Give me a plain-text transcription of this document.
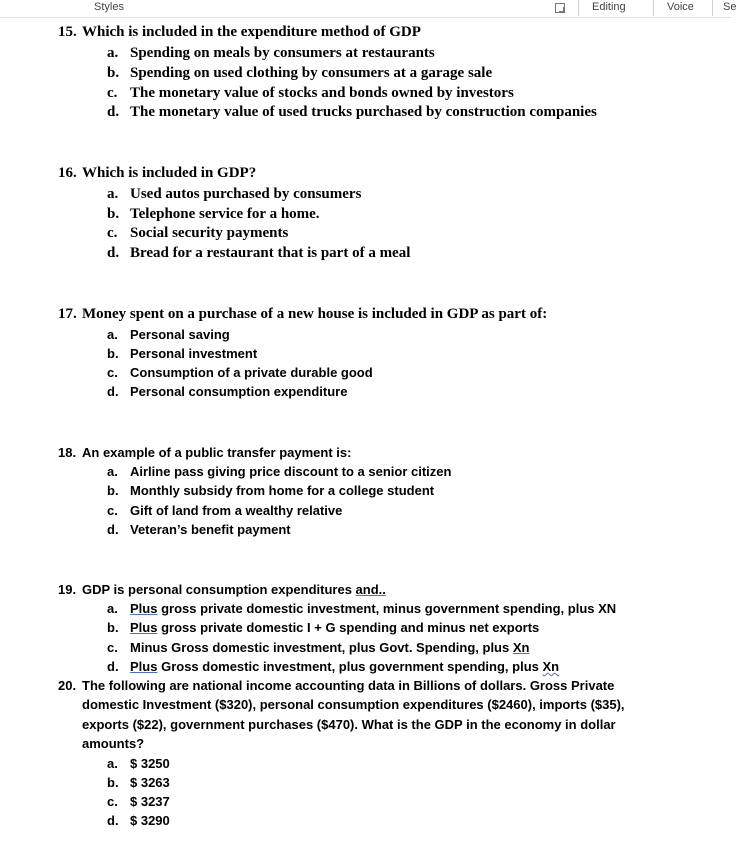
Styles	Editing	Voice	Se
15. Which is included in the expenditure method of GDP
a. Spending on meals by consumers at restaurants
b. Spending on used clothing by consumers at a garage sale
c. The monetary value of stocks and bonds owned by investors
d. The monetary value of used trucks purchased by construction companies
16. Which is included in GDP?
a. Used autos purchased by consumers
b. Telephone service for a home.
c. Social security payments
d. Bread for a restaurant that is part of a meal
17. Money spent on a purchase of a new house is included in GDP as part of:
a. Personal saving
b. Personal investment
c. Consumption of a private durable good
d. Personal consumption expenditure
18. An example of a public transfer payment is:
a. Airline pass giving price discount to a senior citizen
b. Monthly subsidy from home for a college student
c. Gift of land from a wealthy relative
d. Veteran’s benefit payment
19. GDP is personal consumption expenditures and..
a. Plus gross private domestic investment, minus government spending, plus XN
b. Plus gross private domestic I + G spending and minus net exports
c. Minus Gross domestic investment, plus Govt. Spending, plus Xn
d. Plus Gross domestic investment, plus government spending, plus Xn
20. The following are national income accounting data in Billions of dollars. Gross Private
domestic Investment ($320), personal consumption expenditures ($2460), imports ($35),
exports ($22), government purchases ($470). What is the GDP in the economy in dollar
amounts?
a. $ 3250
b. $ 3263
c. $ 3237
d. $ 3290
